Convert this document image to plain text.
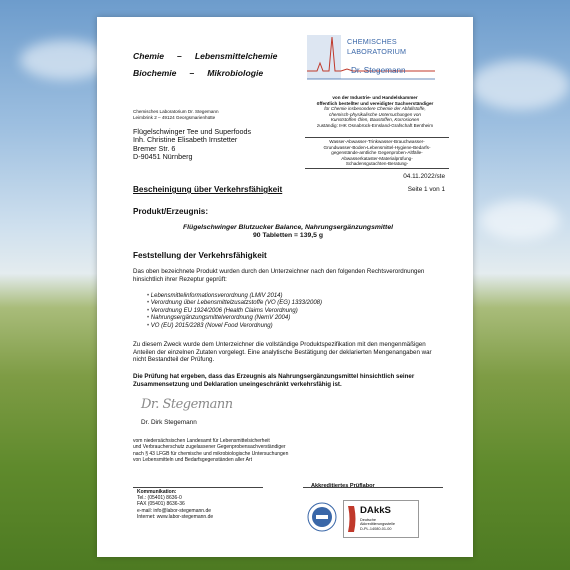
Chemie – Lebensmittelchemie
Biochemie – Mikrobiologie
CHEMISCHES
LABORATORIUM
Dr. Stegemann
von der Industrie- und Handelskammer
öffentlich bestellter und vereidigter Sachverständiger
für Chemie insbesondere Chemie der Abfallstoffe,
chemisch-physikalische Untersuchungen von
Kunststoffen Ölen, Baustoffen, Korrosionen
zuständig: IHK Osnabrück-Emsland-Grafschaft Bentheim
Wasser-Abwasser-Trinkwasser-Brauchwasser-
Grundwasser-Boden-Lebensmittel-Hygiene-Bedarfs-
gegenstände-amtliche Gegenproben-Altfälle-
Abwasserkataster-Materialprüfung-
Schadensgutachten-Beratung-
Chemisches Laboratorium Dr. Stegemann
Leimbrink 2 – 49124 Georgsmarienhütte
Flügelschwinger Tee und Superfoods
Inh. Christine Elisabeth Irnstetter
Bremer Str. 6
D-90451 Nürnberg
04.11.2022/ste
Bescheinigung über Verkehrsfähigkeit	Seite 1 von 1
Produkt/Erzeugnis:
Flügelschwinger Blutzucker Balance, Nahrungsergänzungsmittel
90 Tabletten = 139,5 g
Feststellung der Verkehrsfähigkeit
Das oben bezeichnete Produkt wurden durch den Unterzeichner nach den folgenden Rechtsverordnungen hinsichtlich ihrer Rezeptur geprüft:
• Lebensmittelinformationsverordnung (LMIV 2014)
• Verordnung über Lebensmittelzusatzstoffe (VO (EG) 1333/2008)
• Verordnung EU 1924/2006 (Health Claims Verordnung)
• Nahrungsergänzungsmittelverordnung (NemV 2004)
• VO (EU) 2015/2283 (Novel Food Verordnung)
Zu diesem Zweck wurde dem Unterzeichner die vollständige Produktspezifikation mit den mengenmäßigen Anteilen der einzelnen Zutaten vorgelegt. Eine analytische Bestätigung der deklarierten Mengenangaben war nicht Bestandteil der Prüfung.
Die Prüfung hat ergeben, dass das Erzeugnis als Nahrungsergänzungsmittel hinsichtlich seiner Zusammensetzung und Deklaration uneingeschränkt verkehrsfähig ist.
Dr. Stegemann
Dr. Dirk Stegemann
vom niedersächsischen Landesamt für Lebensmittelsicherheit
und Verbraucherschutz zugelassener Gegenprobensachverständiger
nach § 43 LFGB für chemische und mikrobiologische Untersuchungen
von Lebensmitteln und Bedarfsgegenständen aller Art
Kommunikation:
Tel.: (05401) 8636-0
FAX (05401) 8636-36
e-mail: info@labor-stegemann.de
Internet: www.labor-stegemann.de
Akkreditiertes Prüflabor
DAkkS
Deutsche
Akkreditierungsstelle
D-PL-14080-01-00
